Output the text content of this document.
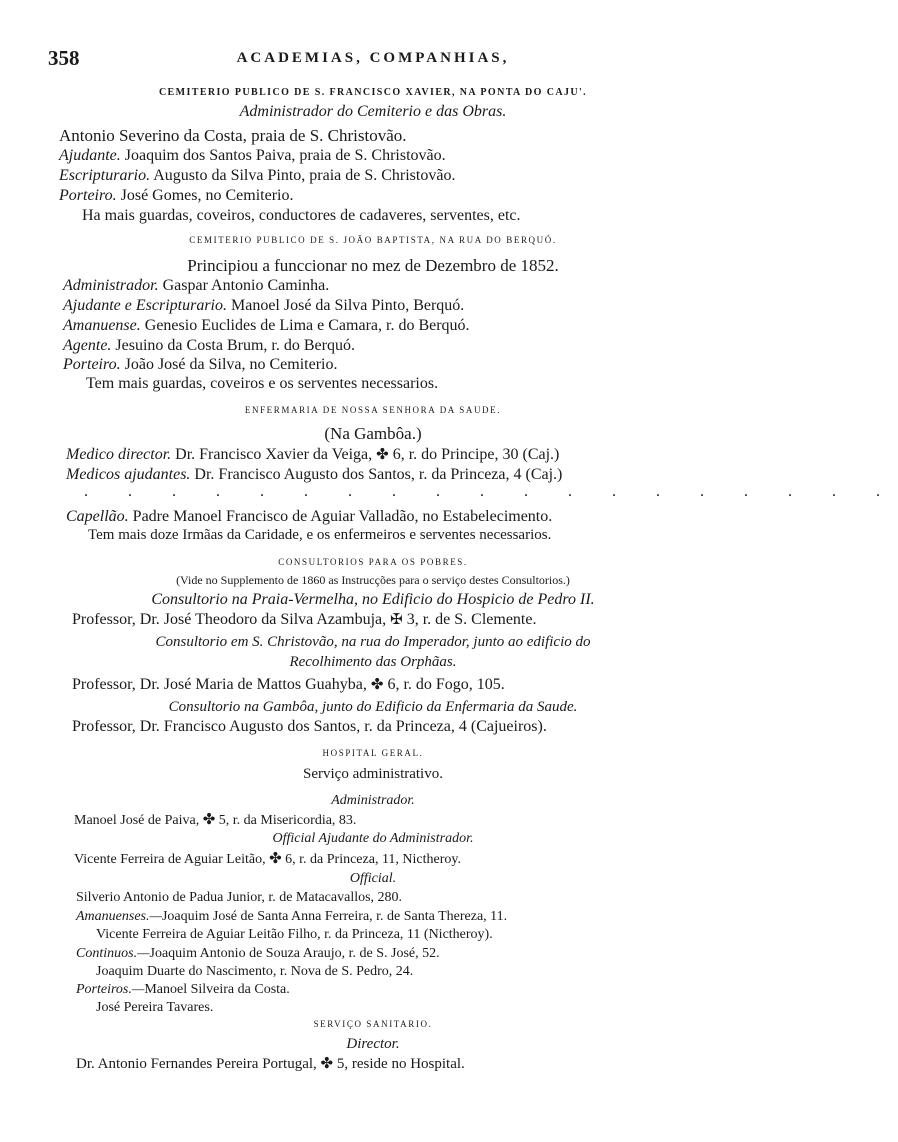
358	ACADEMIAS, COMPANHIAS,
CEMITERIO PUBLICO DE S. FRANCISCO XAVIER, NA PONTA DO CAJU'.
Administrador do Cemiterio e das Obras.
Antonio Severino da Costa, praia de S. Christovão.
Ajudante. Joaquim dos Santos Paiva, praia de S. Christovão.
Escripturario. Augusto da Silva Pinto, praia de S. Christovão.
Porteiro. José Gomes, no Cemiterio.
Ha mais guardas, coveiros, conductores de cadaveres, serventes, etc.
CEMITERIO PUBLICO DE S. JOÃO BAPTISTA, NA RUA DO BERQUÓ.
Principiou a funccionar no mez de Dezembro de 1852.
Administrador. Gaspar Antonio Caminha.
Ajudante e Escripturario. Manoel José da Silva Pinto, Berquó.
Amanuense. Genesio Euclides de Lima e Camara, r. do Berquó.
Agente. Jesuino da Costa Brum, r. do Berquó.
Porteiro. João José da Silva, no Cemiterio.
Tem mais guardas, coveiros e os serventes necessarios.
ENFERMARIA DE NOSSA SENHORA DA SAUDE.
(Na Gambôa.)
Medico director. Dr. Francisco Xavier da Veiga, ✤ 6, r. do Principe, 30 (Caj.)
Medicos ajudantes. Dr. Francisco Augusto dos Santos, r. da Princeza, 4 (Caj.)
. . . . . . . . . . . . . . . . . . .
Capellão. Padre Manoel Francisco de Aguiar Valladão, no Estabelecimento.
Tem mais doze Irmãas da Caridade, e os enfermeiros e serventes necessarios.
CONSULTORIOS PARA OS POBRES.
(Vide no Supplemento de 1860 as Instrucções para o serviço destes Consultorios.)
Consultorio na Praia-Vermelha, no Edificio do Hospicio de Pedro II.
Professor, Dr. José Theodoro da Silva Azambuja, ✠ 3, r. de S. Clemente.
Consultorio em S. Christovão, na rua do Imperador, junto ao edificio do
Recolhimento das Orphãas.
Professor, Dr. José Maria de Mattos Guahyba, ✤ 6, r. do Fogo, 105.
Consultorio na Gambôa, junto do Edificio da Enfermaria da Saude.
Professor, Dr. Francisco Augusto dos Santos, r. da Princeza, 4 (Cajueiros).
HOSPITAL GERAL.
Serviço administrativo.
Administrador.
Manoel José de Paiva, ✤ 5, r. da Misericordia, 83.
Official Ajudante do Administrador.
Vicente Ferreira de Aguiar Leitão, ✤ 6, r. da Princeza, 11, Nictheroy.
Official.
Silverio Antonio de Padua Junior, r. de Matacavallos, 280.
Amanuenses.—Joaquim José de Santa Anna Ferreira, r. de Santa Thereza, 11.
Vicente Ferreira de Aguiar Leitão Filho, r. da Princeza, 11 (Nictheroy).
Continuos.—Joaquim Antonio de Souza Araujo, r. de S. José, 52.
Joaquim Duarte do Nascimento, r. Nova de S. Pedro, 24.
Porteiros.—Manoel Silveira da Costa.
José Pereira Tavares.
SERVIÇO SANITARIO.
Director.
Dr. Antonio Fernandes Pereira Portugal, ✤ 5, reside no Hospital.
